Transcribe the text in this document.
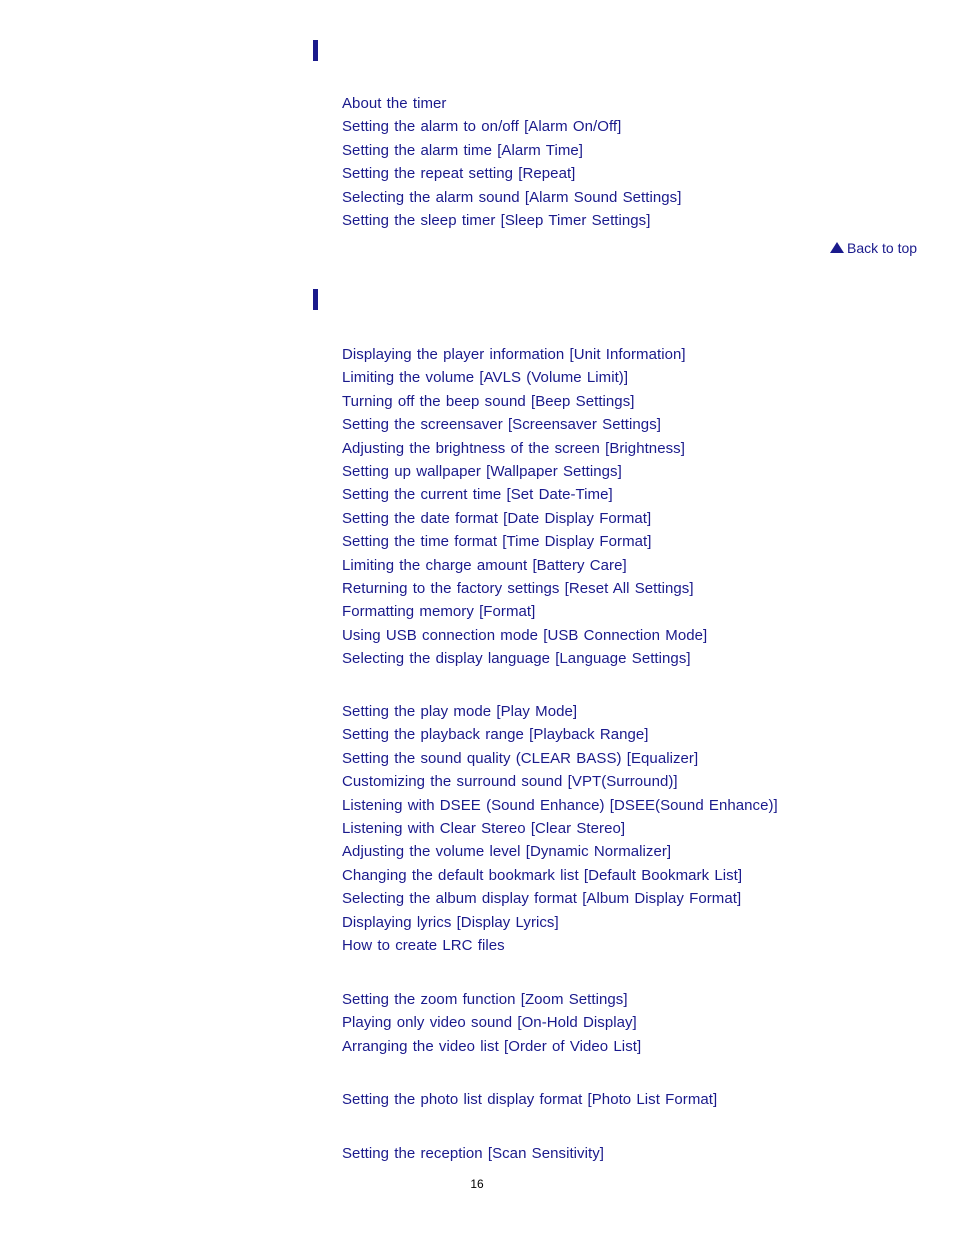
About the timer
Setting the alarm to on/off [Alarm On/Off]
Setting the alarm time [Alarm Time]
Setting the repeat setting [Repeat]
Selecting the alarm sound [Alarm Sound Settings]
Setting the sleep timer [Sleep Timer Settings]
Back to top
Displaying the player information [Unit Information]
Limiting the volume [AVLS (Volume Limit)]
Turning off the beep sound [Beep Settings]
Setting the screensaver [Screensaver Settings]
Adjusting the brightness of the screen [Brightness]
Setting up wallpaper [Wallpaper Settings]
Setting the current time [Set Date-Time]
Setting the date format [Date Display Format]
Setting the time format [Time Display Format]
Limiting the charge amount [Battery Care]
Returning to the factory settings [Reset All Settings]
Formatting memory [Format]
Using USB connection mode [USB Connection Mode]
Selecting the display language [Language Settings]
Setting the play mode [Play Mode]
Setting the playback range [Playback Range]
Setting the sound quality (CLEAR BASS) [Equalizer]
Customizing the surround sound [VPT(Surround)]
Listening with DSEE (Sound Enhance) [DSEE(Sound Enhance)]
Listening with Clear Stereo [Clear Stereo]
Adjusting the volume level [Dynamic Normalizer]
Changing the default bookmark list [Default Bookmark List]
Selecting the album display format [Album Display Format]
Displaying lyrics [Display Lyrics]
How to create LRC files
Setting the zoom function [Zoom Settings]
Playing only video sound [On-Hold Display]
Arranging the video list [Order of Video List]
Setting the photo list display format [Photo List Format]
Setting the reception [Scan Sensitivity]
16
